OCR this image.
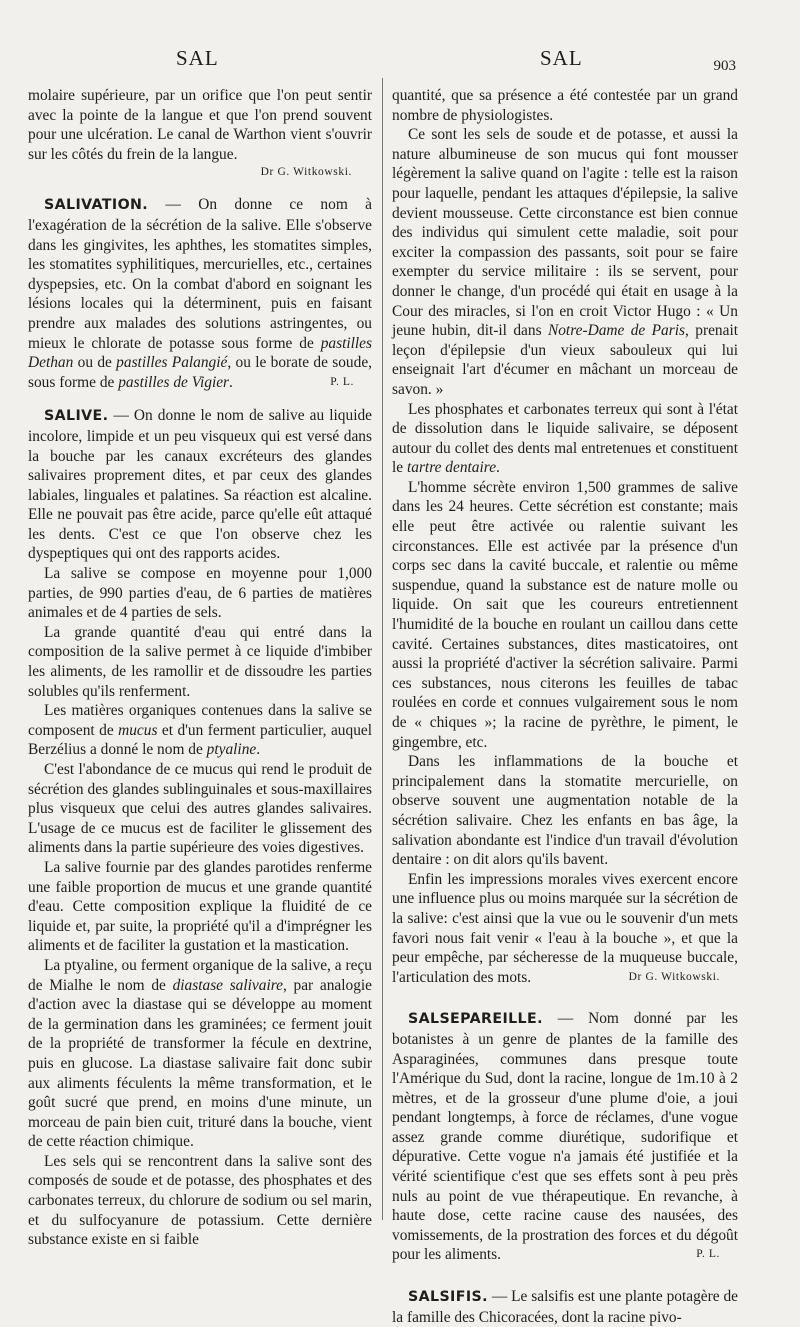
SAL	SAL	903

molaire supérieure, par un orifice que l'on peut sentir avec la pointe de la langue et que l'on prend souvent pour une ulcération. Le canal de Warthon vient s'ouvrir sur les côtés du frein de la langue.

Dr G. Witkowski.

SALIVATION. — On donne ce nom à l'exagération de la sécrétion de la salive. Elle s'observe dans les gingivites, les aphthes, les stomatites simples, les stomatites syphilitiques, mercurielles, etc., certaines dyspepsies, etc. On la combat d'abord en soignant les lésions locales qui la déterminent, puis en faisant prendre aux malades des solutions astringentes, ou mieux le chlorate de potasse sous forme de pastilles Dethan ou de pastilles Palangié, ou le borate de soude, sous forme de pastilles de Vigier.	P. L.

SALIVE. — On donne le nom de salive au liquide incolore, limpide et un peu visqueux qui est versé dans la bouche par les canaux excréteurs des glandes salivaires proprement dites, et par ceux des glandes labiales, linguales et palatines. Sa réaction est alcaline. Elle ne pouvait pas être acide, parce qu'elle eût attaqué les dents. C'est ce que l'on observe chez les dyspeptiques qui ont des rapports acides.

La salive se compose en moyenne pour 1,000 parties, de 990 parties d'eau, de 6 parties de matières animales et de 4 parties de sels.

La grande quantité d'eau qui entré dans la composition de la salive permet à ce liquide d'imbiber les aliments, de les ramollir et de dissoudre les parties solubles qu'ils renferment.

Les matières organiques contenues dans la salive se composent de mucus et d'un ferment particulier, auquel Berzélius a donné le nom de ptyaline.

C'est l'abondance de ce mucus qui rend le produit de sécrétion des glandes sublinguinales et sous-maxillaires plus visqueux que celui des autres glandes salivaires. L'usage de ce mucus est de faciliter le glissement des aliments dans la partie supérieure des voies digestives.

La salive fournie par des glandes parotides renferme une faible proportion de mucus et une grande quantité d'eau. Cette composition explique la fluidité de ce liquide et, par suite, la propriété qu'il a d'imprégner les aliments et de faciliter la gustation et la mastication.

La ptyaline, ou ferment organique de la salive, a reçu de Mialhe le nom de diastase salivaire, par analogie d'action avec la diastase qui se développe au moment de la germination dans les graminées; ce ferment jouit de la propriété de transformer la fécule en dextrine, puis en glucose. La diastase salivaire fait donc subir aux aliments féculents la même transformation, et le goût sucré que prend, en moins d'une minute, un morceau de pain bien cuit, trituré dans la bouche, vient de cette réaction chimique.

Les sels qui se rencontrent dans la salive sont des composés de soude et de potasse, des phosphates et des carbonates terreux, du chlorure de sodium ou sel marin, et du sulfocyanure de potassium. Cette dernière substance existe en si faible

quantité, que sa présence a été contestée par un grand nombre de physiologistes.

Ce sont les sels de soude et de potasse, et aussi la nature albumineuse de son mucus qui font mousser légèrement la salive quand on l'agite : telle est la raison pour laquelle, pendant les attaques d'épilepsie, la salive devient mousseuse. Cette circonstance est bien connue des individus qui simulent cette maladie, soit pour exciter la compassion des passants, soit pour se faire exempter du service militaire : ils se servent, pour donner le change, d'un procédé qui était en usage à la Cour des miracles, si l'on en croit Victor Hugo : « Un jeune hubin, dit-il dans Notre-Dame de Paris, prenait leçon d'épilepsie d'un vieux sabouleux qui lui enseignait l'art d'écumer en mâchant un morceau de savon. »

Les phosphates et carbonates terreux qui sont à l'état de dissolution dans le liquide salivaire, se déposent autour du collet des dents mal entretenues et constituent le tartre dentaire.

L'homme sécrète environ 1,500 grammes de salive dans les 24 heures. Cette sécrétion est constante; mais elle peut être activée ou ralentie suivant les circonstances. Elle est activée par la présence d'un corps sec dans la cavité buccale, et ralentie ou même suspendue, quand la substance est de nature molle ou liquide. On sait que les coureurs entretiennent l'humidité de la bouche en roulant un caillou dans cette cavité. Certaines substances, dites masticatoires, ont aussi la propriété d'activer la sécrétion salivaire. Parmi ces substances, nous citerons les feuilles de tabac roulées en corde et connues vulgairement sous le nom de « chiques »; la racine de pyrèthre, le piment, le gingembre, etc.

Dans les inflammations de la bouche et principalement dans la stomatite mercurielle, on observe souvent une augmentation notable de la sécrétion salivaire. Chez les enfants en bas âge, la salivation abondante est l'indice d'un travail d'évolution dentaire : on dit alors qu'ils bavent.

Enfin les impressions morales vives exercent encore une influence plus ou moins marquée sur la sécrétion de la salive: c'est ainsi que la vue ou le souvenir d'un mets favori nous fait venir « l'eau à la bouche », et que la peur empêche, par sécheresse de la muqueuse buccale, l'articulation des mots.	Dr G. Witkowski.

SALSEPAREILLE. — Nom donné par les botanistes à un genre de plantes de la famille des Asparaginées, communes dans presque toute l'Amérique du Sud, dont la racine, longue de 1m.10 à 2 mètres, et de la grosseur d'une plume d'oie, a joui pendant longtemps, à force de réclames, d'une vogue assez grande comme diurétique, sudorifique et dépurative. Cette vogue n'a jamais été justifiée et la vérité scientifique c'est que ses effets sont à peu près nuls au point de vue thérapeutique. En revanche, à haute dose, cette racine cause des nausées, des vomissements, de la prostration des forces et du dégoût pour les aliments.	P. L.

SALSIFIS. — Le salsifis est une plante potagère de la famille des Chicoracées, dont la racine pivo-
